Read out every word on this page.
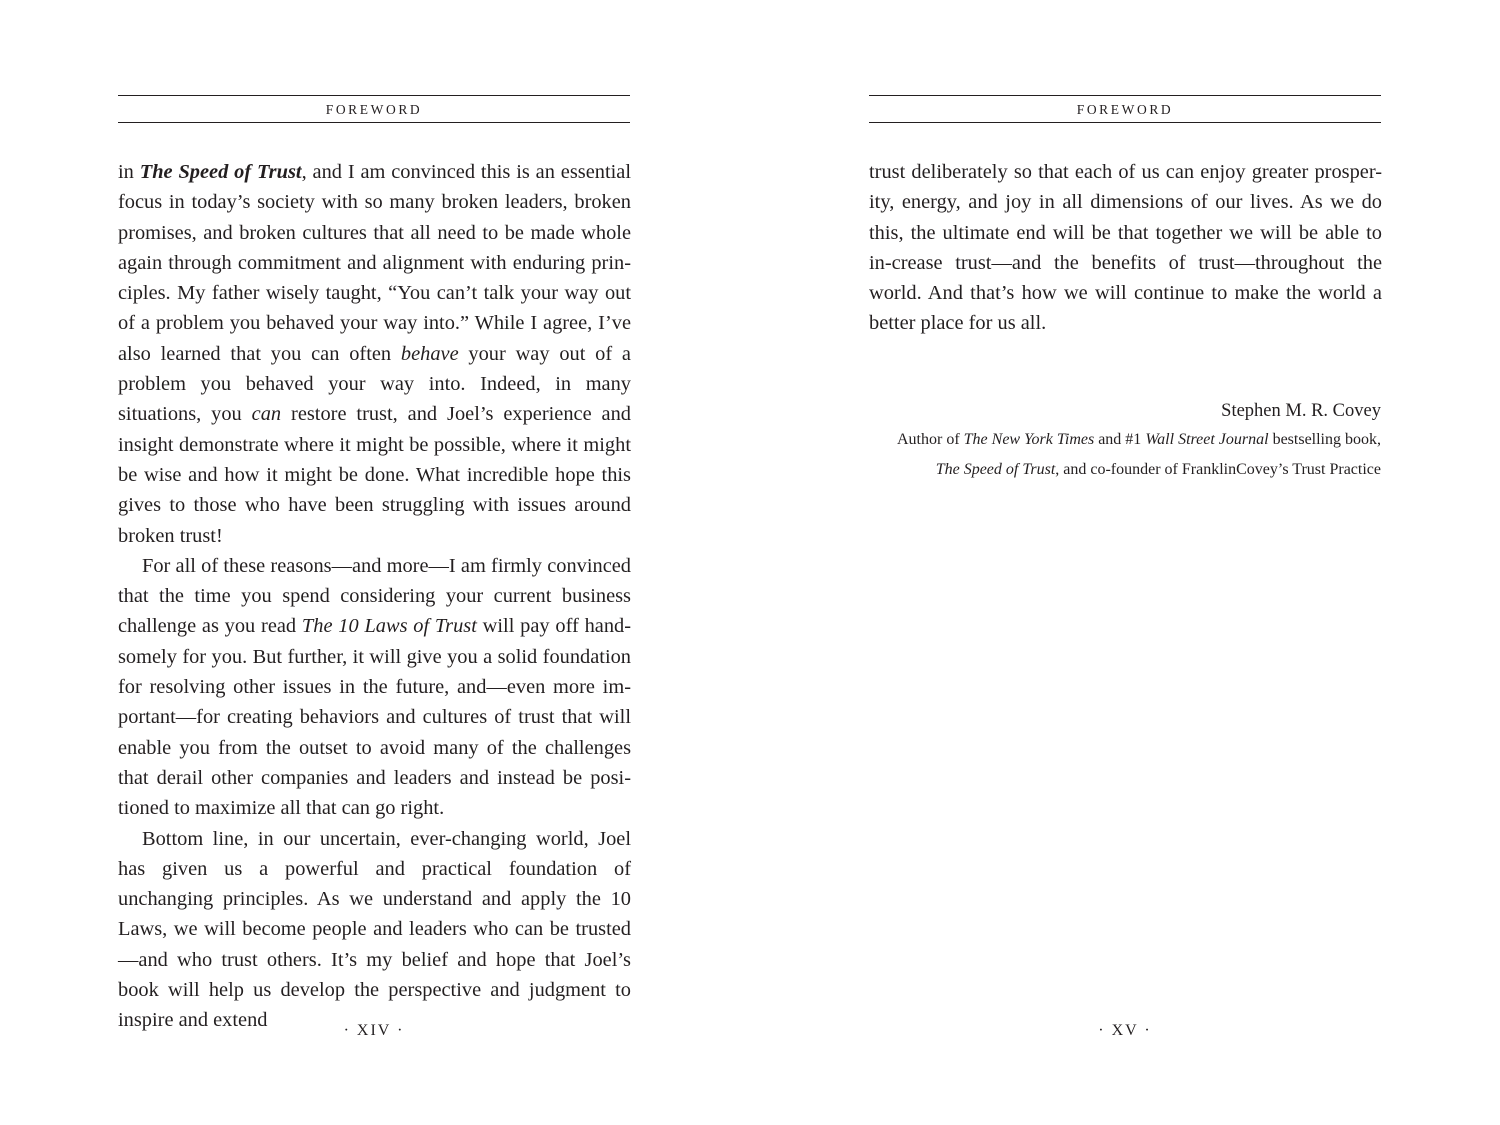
FOREWORD

in The Speed of Trust, and I am convinced this is an essential focus in today’s society with so many broken leaders, broken promises, and broken cultures that all need to be made whole again through commitment and alignment with enduring prin-ciples. My father wisely taught, “You can’t talk your way out of a problem you behaved your way into.” While I agree, I’ve also learned that you can often behave your way out of a problem you behaved your way into. Indeed, in many situations, you can restore trust, and Joel’s experience and insight demonstrate where it might be possible, where it might be wise and how it might be done. What incredible hope this gives to those who have been struggling with issues around broken trust!

For all of these reasons—and more—I am firmly convinced that the time you spend considering your current business challenge as you read The 10 Laws of Trust will pay off hand-somely for you. But further, it will give you a solid foundation for resolving other issues in the future, and—even more im-portant—for creating behaviors and cultures of trust that will enable you from the outset to avoid many of the challenges that derail other companies and leaders and instead be posi-tioned to maximize all that can go right.

Bottom line, in our uncertain, ever-changing world, Joel has given us a powerful and practical foundation of unchanging principles. As we understand and apply the 10 Laws, we will become people and leaders who can be trusted—and who trust others. It’s my belief and hope that Joel’s book will help us develop the perspective and judgment to inspire and extend	· XIV ·
FOREWORD

trust deliberately so that each of us can enjoy greater prosper-ity, energy, and joy in all dimensions of our lives. As we do this, the ultimate end will be that together we will be able to in-crease trust—and the benefits of trust—throughout the world. And that’s how we will continue to make the world a better place for us all.

Stephen M. R. Covey
Author of The New York Times and #1 Wall Street Journal bestselling book,
The Speed of Trust, and co-founder of FranklinCovey’s Trust Practice
· XV ·
